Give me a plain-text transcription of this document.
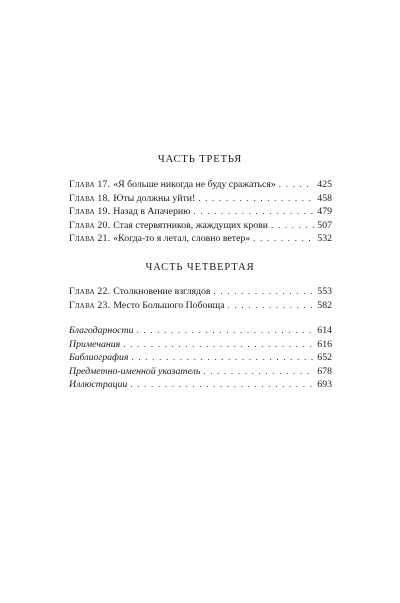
ЧАСТЬ ТРЕТЬЯ
Глава 17. «Я больше никогда не буду сражаться» . . .	425
Глава 18. Юты должны уйти! . . .	458
Глава 19. Назад в Апачерию . . .	479
Глава 20. Стая стервятников, жаждущих крови . . .	507
Глава 21. «Когда-то я летал, словно ветер» . . .	532
ЧАСТЬ ЧЕТВЕРТАЯ
Глава 22. Столкновение взглядов . . .	553
Глава 23. Место Большого Побоища . . .	582
Благодарности . . .	614
Примечания . . .	616
Библиография . . .	652
Предметно-именной указатель . . .	678
Иллюстрации . . .	693
